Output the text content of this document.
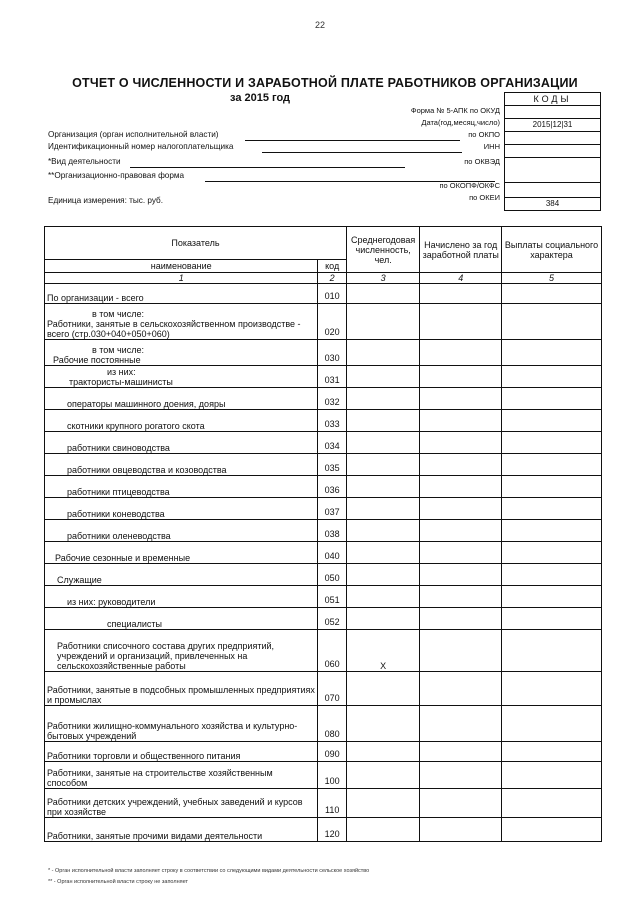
22
ОТЧЕТ О ЧИСЛЕННОСТИ И ЗАРАБОТНОЙ ПЛАТЕ РАБОТНИКОВ ОРГАНИЗАЦИИ
за 2015 год	КОДЫ
2015|12|31
384
Форма № 5-АПК по ОКУД
Дата(год,месяц,число)
по ОКПО
ИНН
по ОКВЭД
по ОКОПФ/ОКФС
по ОКЕИ
Организация (орган исполнительной власти)
Идентификационный номер налогоплательщика
*Вид деятельности
**Организационно-правовая форма
Единица измерения: тыс. руб.
Показатель		Среднегодовая численность, чел.	Начислено за год заработной платы	Выплаты социального характера
наименование	код			
1	2	3	4	5
По организации - всего	010			

в том числе:
Работники, занятые в сельскохозяйственном производстве - всего (стр.030+040+050+060)	020			

в том числе:
Рабочие постоянные	030			

из них:
трактористы-машинисты	031			
операторы машинного доения, дояры	032			
скотники крупного рогатого скота	033			
работники свиноводства	034			
работники овцеводства и козоводства	035			
работники птицеводства	036			
работники коневодства	037			
работники оленеводства	038			
Рабочие сезонные и временные	040			
Служащие	050			
из них: руководители	051			
специалисты	052			
Работники списочного состава других предприятий, учреждений и организаций, привлеченных на сельскохозяйственные работы	060	Х		
Работники, занятые в подсобных промышленных предприятиях и промыслах	070			
Работники жилищно-коммунального хозяйства и культурно-бытовых учреждений	080			
Работники торговли и общественного питания	090			
Работники, занятые на строительстве хозяйственным способом	100			
Работники детских учреждений, учебных заведений и курсов при хозяйстве	110			
Работники, занятые прочими видами деятельности	120			
* - Орган исполнительной власти заполняет строку в соответствии со следующими видами деятельности сельское хозяйство
** - Орган исполнительной власти строку не заполняет
